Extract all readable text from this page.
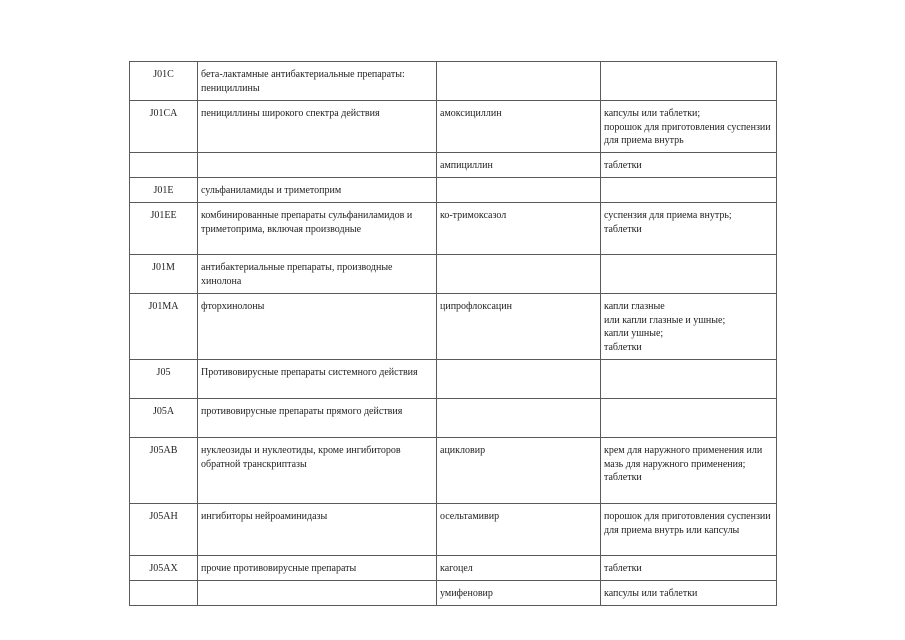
J01C	бета-лактамные антибактериальные препараты: пенициллины		
J01CA	пенициллины широкого спектра действия	амоксициллин	капсулы или таблетки;
порошок для приготовления суспензии для приема внутрь
		ампициллин	таблетки
J01E	сульфаниламиды и триметоприм		
J01EE	комбинированные препараты сульфаниламидов и триметоприма, включая производные	ко-тримоксазол	суспензия для приема внутрь;
таблетки
J01M	антибактериальные препараты, производные хинолона		
J01MA	фторхинолоны	ципрофлоксацин	капли глазные
или капли глазные и ушные;
капли ушные;
таблетки
J05	Противовирусные препараты системного действия		
J05A	противовирусные препараты прямого действия		
J05AB	нуклеозиды и нуклеотиды, кроме ингибиторов обратной транскриптазы	ацикловир	крем для наружного применения или мазь для наружного применения;
таблетки
J05AH	ингибиторы нейроаминидазы	осельтамивир	порошок для приготовления суспензии для приема внутрь или капсулы
J05AX	прочие противовирусные препараты	кагоцел	таблетки
		умифеновир	капсулы или таблетки
